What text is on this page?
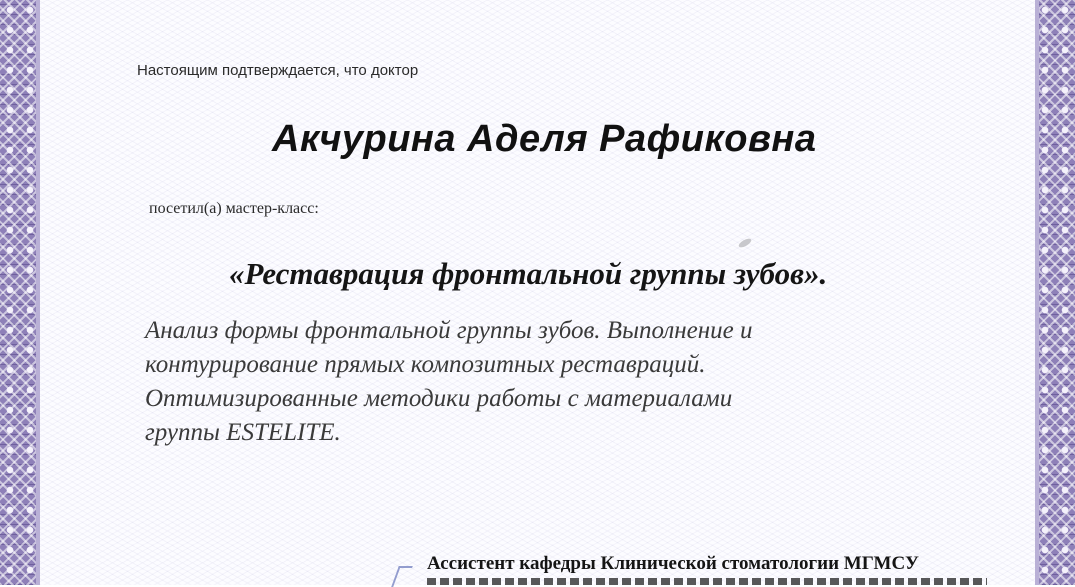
Настоящим подтверждается, что доктор

Акчурина Аделя Рафиковна

посетил(а) мастер-класс:

«Реставрация фронтальной группы зубов».
Анализ формы фронтальной группы зубов. Выполнение и
контурирование прямых композитных реставраций.
Оптимизированные методики работы с материалами
группы ESTELITE.

Ассистент кафедры Клинической стоматологии МГМСУ
